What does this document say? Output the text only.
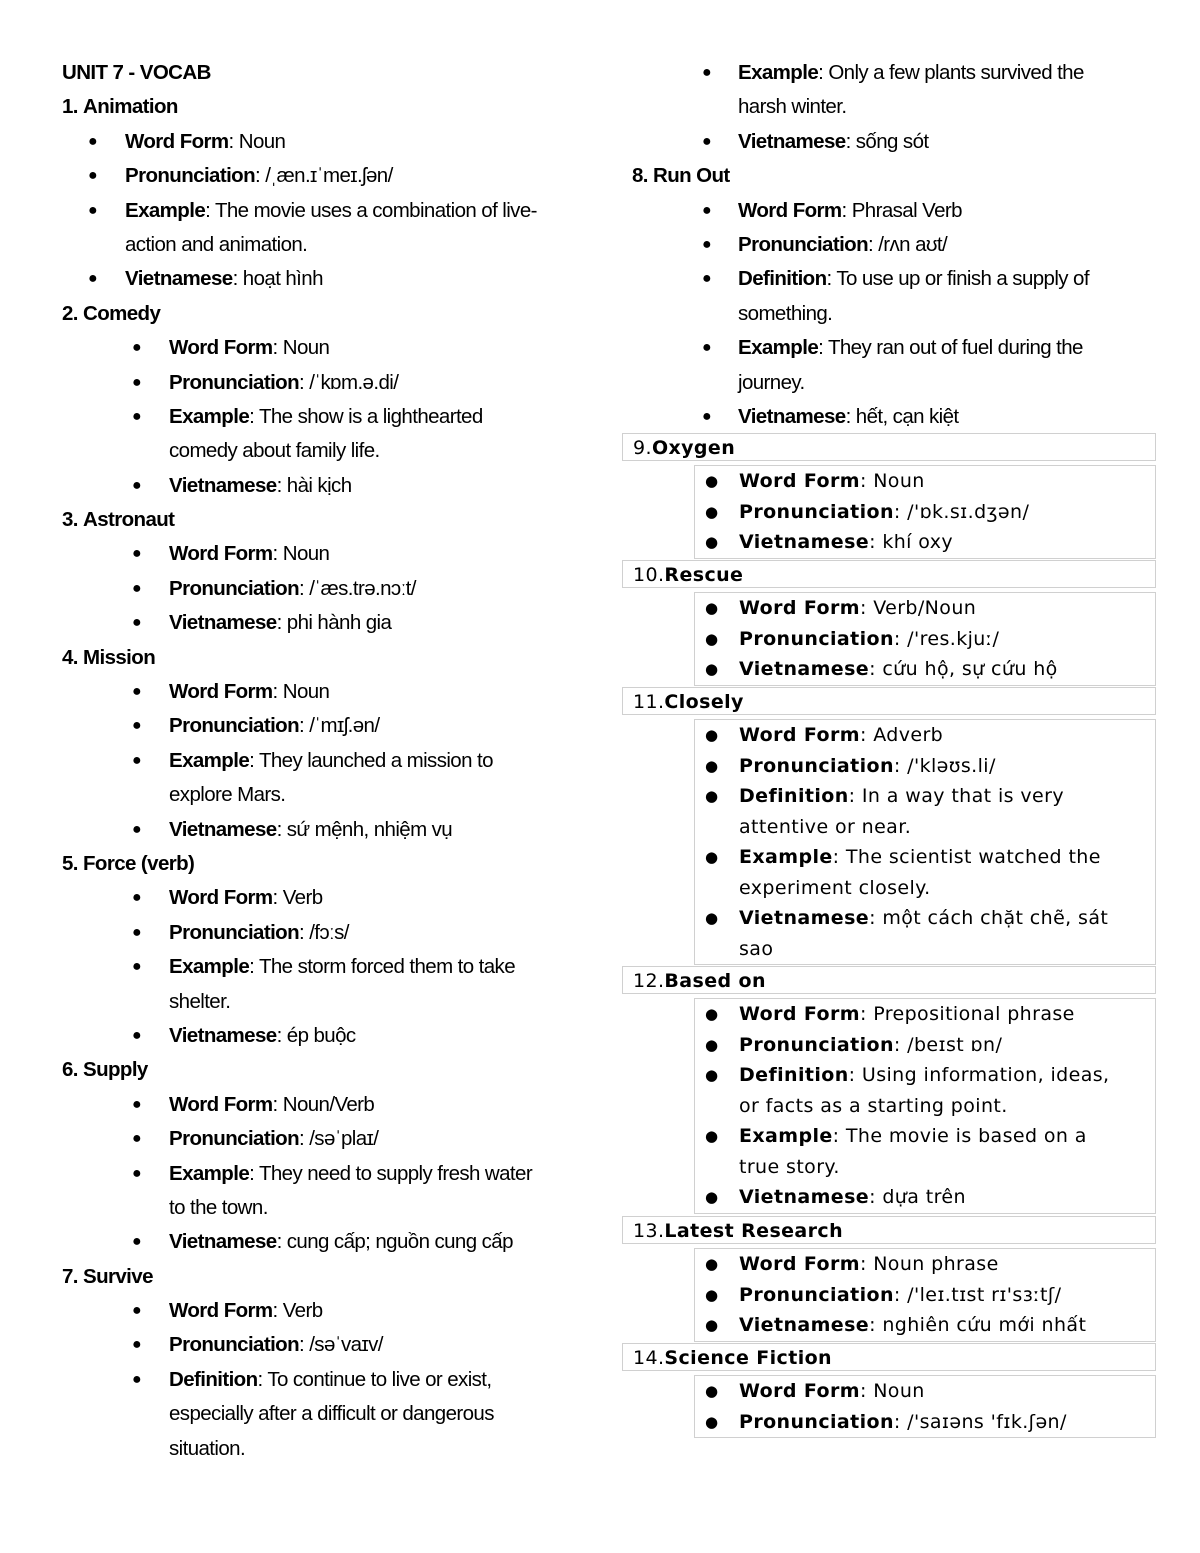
UNIT 7 - VOCAB
1. Animation
● Word Form: Noun
● Pronunciation: /ˌæn.ɪˈmeɪ.ʃən/
● Example: The movie uses a combination of live-
action and animation.
● Vietnamese: hoạt hình
2. Comedy
● Word Form: Noun
● Pronunciation: /ˈkɒm.ə.di/
● Example: The show is a lighthearted
comedy about family life.
● Vietnamese: hài kịch
3. Astronaut
● Word Form: Noun
● Pronunciation: /ˈæs.trə.nɔːt/
● Vietnamese: phi hành gia
4. Mission
● Word Form: Noun
● Pronunciation: /ˈmɪʃ.ən/
● Example: They launched a mission to
explore Mars.
● Vietnamese: sứ mệnh, nhiệm vụ
5. Force (verb)
● Word Form: Verb
● Pronunciation: /fɔːs/
● Example: The storm forced them to take
shelter.
● Vietnamese: ép buộc
6. Supply
● Word Form: Noun/Verb
● Pronunciation: /səˈplaɪ/
● Example: They need to supply fresh water
to the town.
● Vietnamese: cung cấp; nguồn cung cấp
7. Survive
● Word Form: Verb
● Pronunciation: /səˈvaɪv/
● Definition: To continue to live or exist,
especially after a difficult or dangerous
situation.
● Example: Only a few plants survived the
harsh winter.
● Vietnamese: sống sót
8. Run Out
● Word Form: Phrasal Verb
● Pronunciation: /rʌn aʊt/
● Definition: To use up or finish a supply of
something.
● Example: They ran out of fuel during the
journey.
● Vietnamese: hết, cạn kiệt
9.Oxygen
● Word Form: Noun
● Pronunciation: /'ɒk.sɪ.dʒən/
● Vietnamese: khí oxy
10.Rescue
● Word Form: Verb/Noun
● Pronunciation: /'res.kjuː/
● Vietnamese: cứu hộ, sự cứu hộ
11.Closely
● Word Form: Adverb
● Pronunciation: /'kləʊs.li/
● Definition: In a way that is very
attentive or near.
● Example: The scientist watched the
experiment closely.
● Vietnamese: một cách chặt chẽ, sát
sao
12.Based on
● Word Form: Prepositional phrase
● Pronunciation: /beɪst ɒn/
● Definition: Using information, ideas,
or facts as a starting point.
● Example: The movie is based on a
true story.
● Vietnamese: dựa trên
13.Latest Research
● Word Form: Noun phrase
● Pronunciation: /'leɪ.tɪst rɪ'sɜːtʃ/
● Vietnamese: nghiên cứu mới nhất
14.Science Fiction
● Word Form: Noun
● Pronunciation: /'saɪəns 'fɪk.ʃən/
